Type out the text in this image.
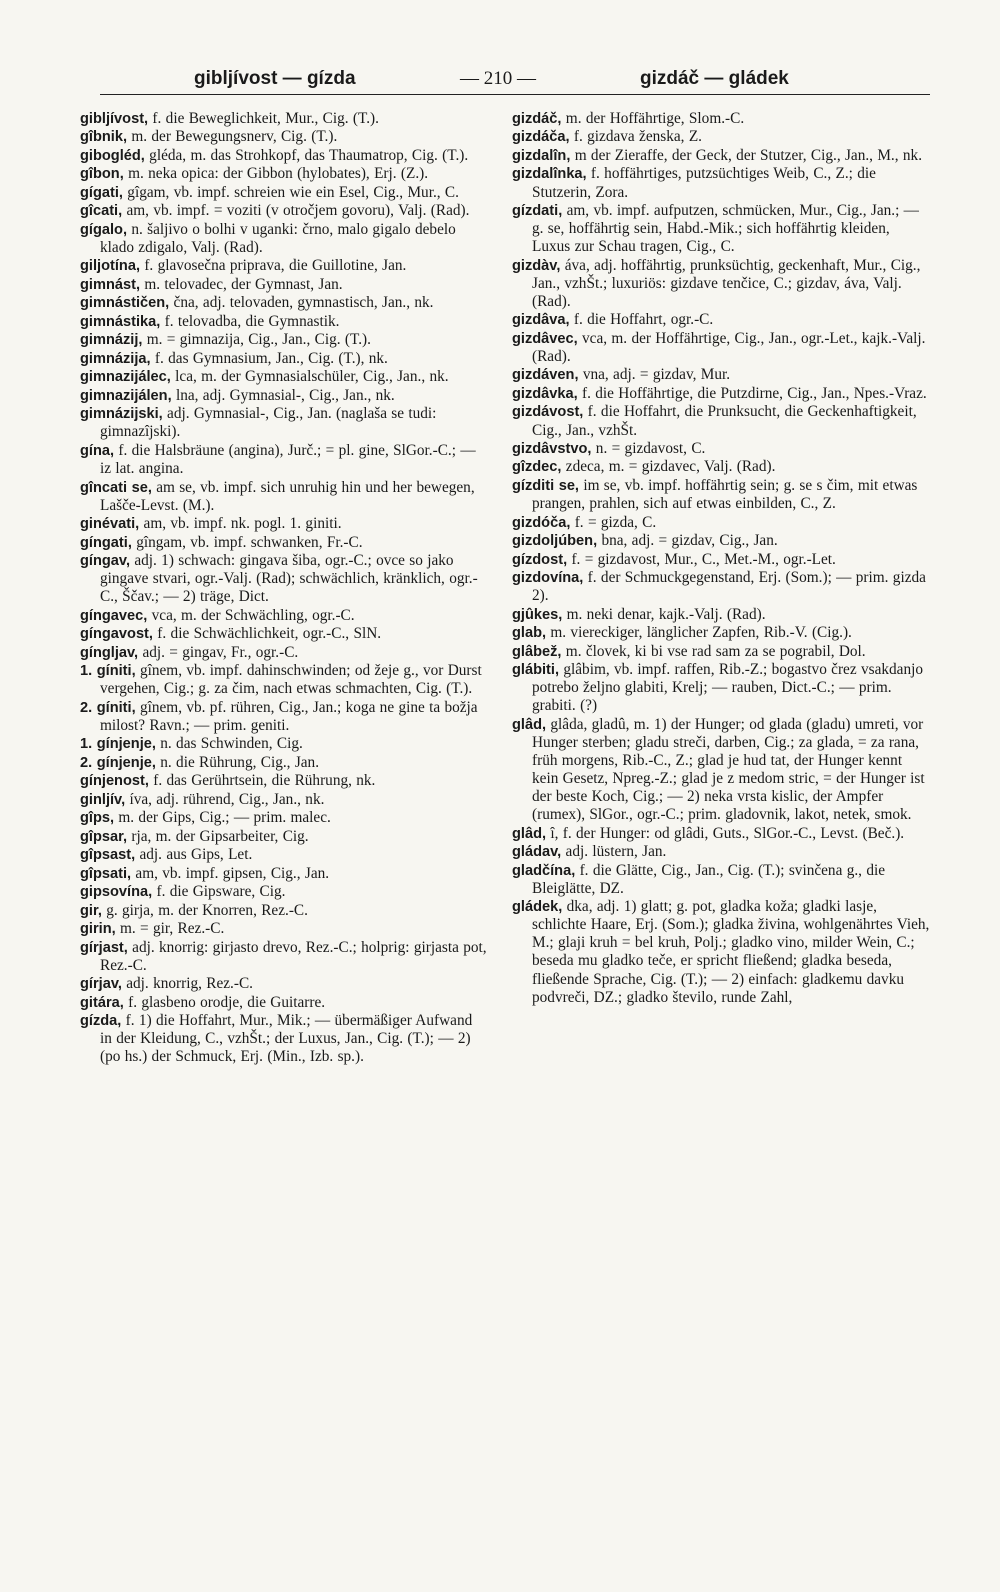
gibljívost — gízda	— 210 —	gizdáč — gládek

gibljívost, f. die Beweglichkeit, Mur., Cig. (T.).

gîbnik, m. der Bewegungsnerv, Cig. (T.).

gibogléd, gléda, m. das Strohkopf, das Thaumatrop, Cig. (T.).

gîbon, m. neka opica: der Gibbon (hylobates), Erj. (Z.).

gígati, gîgam, vb. impf. schreien wie ein Esel, Cig., Mur., C.

gîcati, am, vb. impf. = voziti (v otročjem govoru), Valj. (Rad).

gígalo, n. šaljivo o bolhi v uganki: črno, malo gigalo debelo klado zdigalo, Valj. (Rad).

giljotína, f. glavosečna priprava, die Guillotine, Jan.

gimnást, m. telovadec, der Gymnast, Jan.

gimnástičen, čna, adj. telovaden, gymnastisch, Jan., nk.

gimnástika, f. telovadba, die Gymnastik.

gimnázij, m. = gimnazija, Cig., Jan., Cig. (T.).

gimnázija, f. das Gymnasium, Jan., Cig. (T.), nk.

gimnazijálec, lca, m. der Gymnasialschüler, Cig., Jan., nk.

gimnazijálen, lna, adj. Gymnasial-, Cig., Jan., nk.

gimnázijski, adj. Gymnasial-, Cig., Jan. (naglaša se tudi: gimnazîjski).

gína, f. die Halsbräune (angina), Jurč.; = pl. gine, SlGor.-C.; — iz lat. angina.

gîncati se, am se, vb. impf. sich unruhig hin und her bewegen, Lašče-Levst. (M.).

ginévati, am, vb. impf. nk. pogl. 1. giniti.

gíngati, gîngam, vb. impf. schwanken, Fr.-C.

gíngav, adj. 1) schwach: gingava šiba, ogr.-C.; ovce so jako gingave stvari, ogr.-Valj. (Rad); schwächlich, kränklich, ogr.-C., Ščav.; — 2) träge, Dict.

gíngavec, vca, m. der Schwächling, ogr.-C.

gíngavost, f. die Schwächlichkeit, ogr.-C., SlN.

gíngljav, adj. = gingav, Fr., ogr.-C.

1. gíniti, gînem, vb. impf. dahinschwinden; od žeje g., vor Durst vergehen, Cig.; g. za čim, nach etwas schmachten, Cig. (T.).

2. gíniti, gînem, vb. pf. rühren, Cig., Jan.; koga ne gine ta božja milost? Ravn.; — prim. geniti.

1. gínjenje, n. das Schwinden, Cig.

2. gínjenje, n. die Rührung, Cig., Jan.

gínjenost, f. das Gerührtsein, die Rührung, nk.

ginljív, íva, adj. rührend, Cig., Jan., nk.

gîps, m. der Gips, Cig.; — prim. malec.

gîpsar, rja, m. der Gipsarbeiter, Cig.

gîpsast, adj. aus Gips, Let.

gîpsati, am, vb. impf. gipsen, Cig., Jan.

gipsovína, f. die Gipsware, Cig.

gir, g. girja, m. der Knorren, Rez.-C.

girin, m. = gir, Rez.-C.

gírjast, adj. knorrig: girjasto drevo, Rez.-C.; holprig: girjasta pot, Rez.-C.

gírjav, adj. knorrig, Rez.-C.

gitára, f. glasbeno orodje, die Guitarre.

gízda, f. 1) die Hoffahrt, Mur., Mik.; — übermäßiger Aufwand in der Kleidung, C., vzhŠt.; der Luxus, Jan., Cig. (T.); — 2) (po hs.) der Schmuck, Erj. (Min., Izb. sp.).

gizdáč, m. der Hoffährtige, Slom.-C.

gizdáča, f. gizdava ženska, Z.

gizdalîn, m der Zieraffe, der Geck, der Stutzer, Cig., Jan., M., nk.

gizdalînka, f. hoffährtiges, putzsüchtiges Weib, C., Z.; die Stutzerin, Zora.

gízdati, am, vb. impf. aufputzen, schmücken, Mur., Cig., Jan.; — g. se, hoffährtig sein, Habd.-Mik.; sich hoffährtig kleiden, Luxus zur Schau tragen, Cig., C.

gizdàv, áva, adj. hoffährtig, prunksüchtig, geckenhaft, Mur., Cig., Jan., vzhŠt.; luxuriös: gizdave tenčice, C.; gizdav, áva, Valj. (Rad).

gizdâva, f. die Hoffahrt, ogr.-C.

gizdâvec, vca, m. der Hoffährtige, Cig., Jan., ogr.-Let., kajk.-Valj. (Rad).

gizdáven, vna, adj. = gizdav, Mur.

gizdâvka, f. die Hoffährtige, die Putzdirne, Cig., Jan., Npes.-Vraz.

gizdávost, f. die Hoffahrt, die Prunksucht, die Geckenhaftigkeit, Cig., Jan., vzhŠt.

gizdâvstvo, n. = gizdavost, C.

gîzdec, zdeca, m. = gizdavec, Valj. (Rad).

gízditi se, im se, vb. impf. hoffährtig sein; g. se s čim, mit etwas prangen, prahlen, sich auf etwas einbilden, C., Z.

gizdóča, f. = gizda, C.

gizdoljúben, bna, adj. = gizdav, Cig., Jan.

gízdost, f. = gizdavost, Mur., C., Met.-M., ogr.-Let.

gizdovína, f. der Schmuckgegenstand, Erj. (Som.); — prim. gizda 2).

gjûkes, m. neki denar, kajk.-Valj. (Rad).

glab, m. viereckiger, länglicher Zapfen, Rib.-V. (Cig.).

glâbež, m. človek, ki bi vse rad sam za se pograbil, Dol.

glábiti, glâbim, vb. impf. raffen, Rib.-Z.; bogastvo črez vsakdanjo potrebo željno glabiti, Krelj; — rauben, Dict.-C.; — prim. grabiti. (?)

glâd, glâda, gladû, m. 1) der Hunger; od glada (gladu) umreti, vor Hunger sterben; gladu streči, darben, Cig.; za glada, = za rana, früh morgens, Rib.-C., Z.; glad je hud tat, der Hunger kennt kein Gesetz, Npreg.-Z.; glad je z medom stric, = der Hunger ist der beste Koch, Cig.; — 2) neka vrsta kislic, der Ampfer (rumex), SlGor., ogr.-C.; prim. gladovnik, lakot, netek, smok.

glâd, î, f. der Hunger: od glâdi, Guts., SlGor.-C., Levst. (Beč.).

gládav, adj. lüstern, Jan.

gladčína, f. die Glätte, Cig., Jan., Cig. (T.); svinčena g., die Bleiglätte, DZ.

gládek, dka, adj. 1) glatt; g. pot, gladka koža; gladki lasje, schlichte Haare, Erj. (Som.); gladka živina, wohlgenährtes Vieh, M.; glaji kruh = bel kruh, Polj.; gladko vino, milder Wein, C.; beseda mu gladko teče, er spricht fließend; gladka beseda, fließende Sprache, Cig. (T.); — 2) einfach: gladkemu davku podvreči, DZ.; gladko število, runde Zahl,
